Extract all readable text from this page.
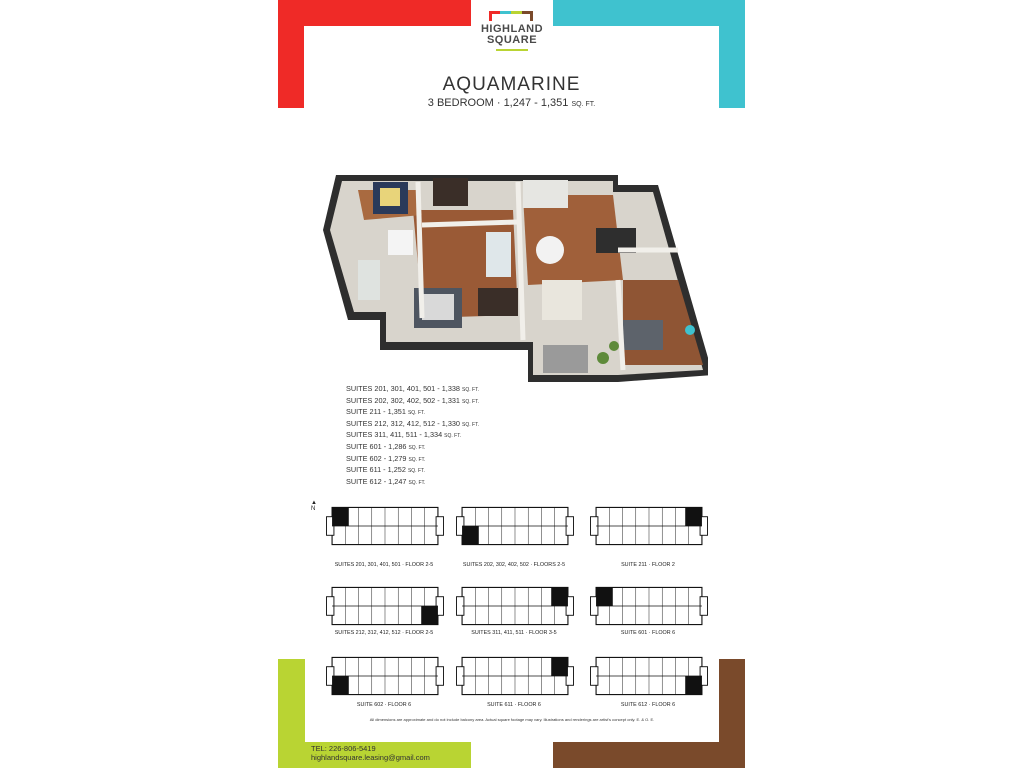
HIGHLAND
SQUARE
AQUAMARINE
3 BEDROOM · 1,247 - 1,351 SQ. FT.
SUITES 201, 301, 401, 501 - 1,338 SQ. FT.
SUITES 202, 302, 402, 502 - 1,331 SQ. FT.
SUITE 211 - 1,351 SQ. FT.
SUITES 212, 312, 412, 512 - 1,330 SQ. FT.
SUITES 311, 411, 511 - 1,334 SQ. FT.
SUITE 601 - 1,286 SQ. FT.
SUITE 602 - 1,279 SQ. FT.
SUITE 611 - 1,252 SQ. FT.
SUITE 612 - 1,247 SQ. FT.
▲
N
SUITES 201, 301, 401, 501 · FLOOR 2-5	SUITES 202, 302, 402, 502 · FLOORS 2-5	SUITE 211 · FLOOR 2
SUITES 212, 312, 412, 512 · FLOOR 2-5	SUITES 311, 411, 511 · FLOOR 3-5	SUITE 601 · FLOOR 6
SUITE 602 · FLOOR 6	SUITE 611 · FLOOR 6	SUITE 612 · FLOOR 6
All dimensions are approximate and do not include balcony area. Actual square footage may vary. Illustrations and renderings are artist's concept only. E. & O. E.
TEL: 226-806-5419
highlandsquare.leasing@gmail.com
